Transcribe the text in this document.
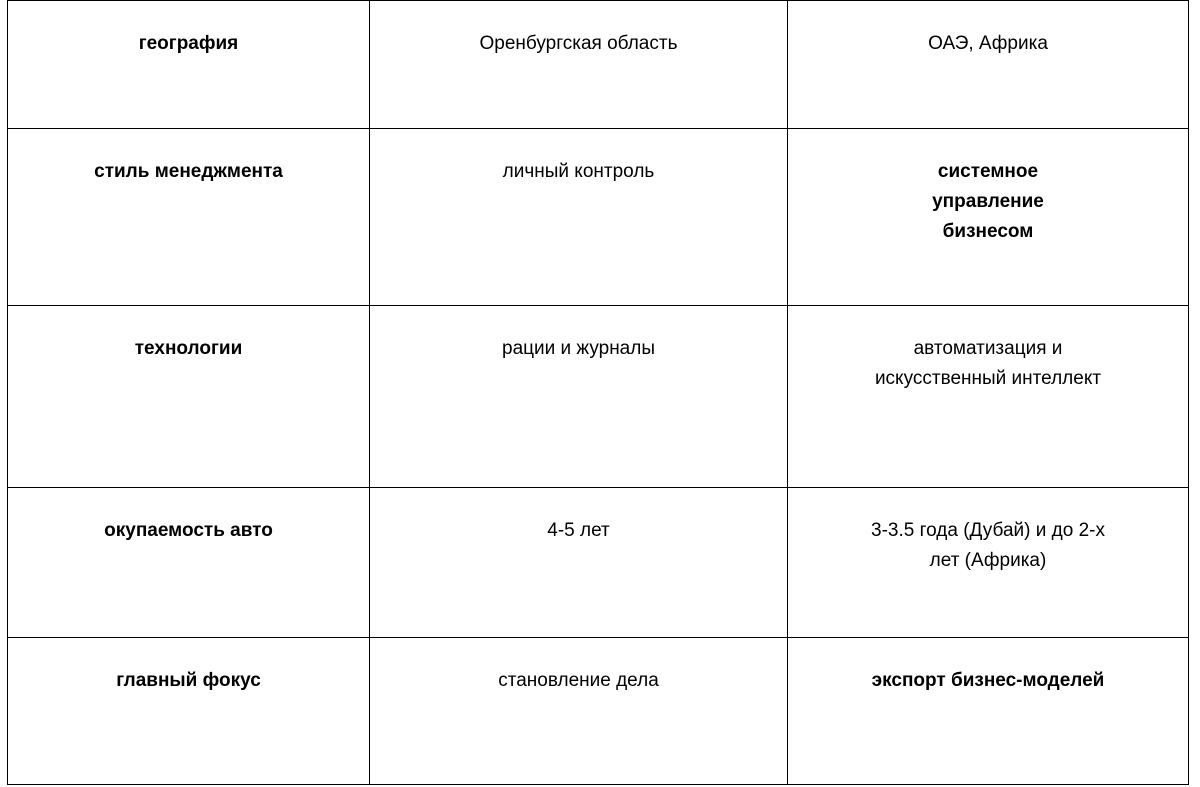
география	Оренбургская область	ОАЭ, Африка

стиль менеджмента	личный контроль	системное управление бизнесом

технологии	рации и журналы	автоматизация и искусственный интеллект

окупаемость авто	4-5 лет	3-3.5 года (Дубай) и до 2-х лет (Африка)

главный фокус	становление дела	экспорт бизнес-моделей
